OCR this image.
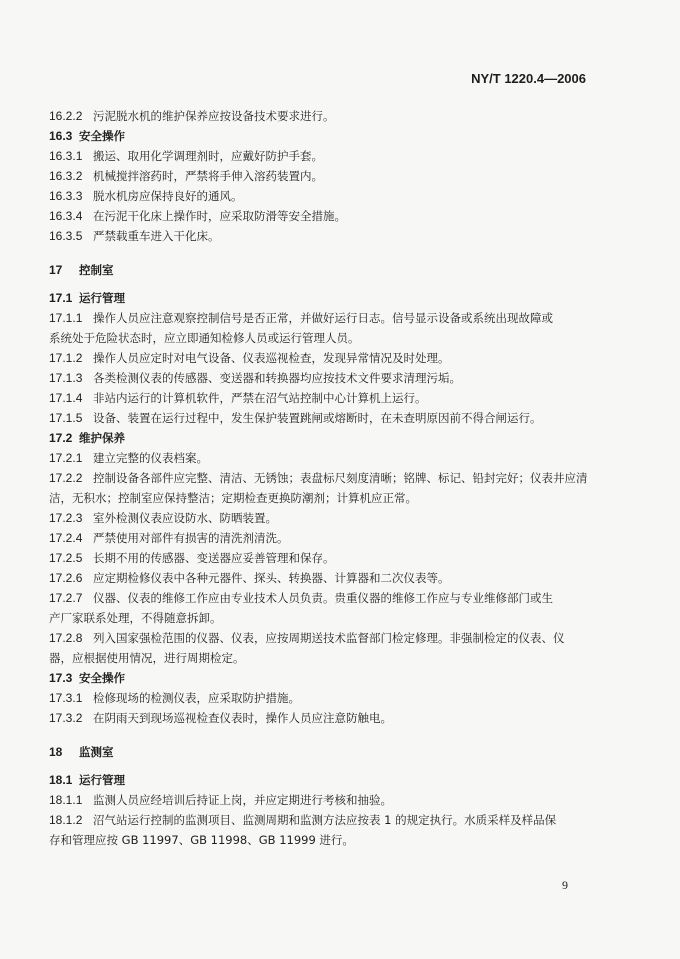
NY/T 1220.4—2006
16.2.2 污泥脱水机的维护保养应按设备技术要求进行。
16.3 安全操作
16.3.1 搬运、取用化学调理剂时，应戴好防护手套。
16.3.2 机械搅拌溶药时，严禁将手伸入溶药装置内。
16.3.3 脱水机房应保持良好的通风。
16.3.4 在污泥干化床上操作时，应采取防滑等安全措施。
16.3.5 严禁载重车进入干化床。
17 控制室
17.1 运行管理
17.1.1 操作人员应注意观察控制信号是否正常，并做好运行日志。信号显示设备或系统出现故障或
系统处于危险状态时，应立即通知检修人员或运行管理人员。
17.1.2 操作人员应定时对电气设备、仪表巡视检查，发现异常情况及时处理。
17.1.3 各类检测仪表的传感器、变送器和转换器均应按技术文件要求清理污垢。
17.1.4 非站内运行的计算机软件，严禁在沼气站控制中心计算机上运行。
17.1.5 设备、装置在运行过程中，发生保护装置跳闸或熔断时，在未查明原因前不得合闸运行。
17.2 维护保养
17.2.1 建立完整的仪表档案。
17.2.2 控制设备各部件应完整、清洁、无锈蚀；表盘标尺刻度清晰；铭牌、标记、铅封完好；仪表井应清
洁，无积水；控制室应保持整洁；定期检查更换防潮剂；计算机应正常。
17.2.3 室外检测仪表应设防水、防晒装置。
17.2.4 严禁使用对部件有损害的清洗剂清洗。
17.2.5 长期不用的传感器、变送器应妥善管理和保存。
17.2.6 应定期检修仪表中各种元器件、探头、转换器、计算器和二次仪表等。
17.2.7 仪器、仪表的维修工作应由专业技术人员负责。贵重仪器的维修工作应与专业维修部门或生
产厂家联系处理，不得随意拆卸。
17.2.8 列入国家强检范围的仪器、仪表，应按周期送技术监督部门检定修理。非强制检定的仪表、仪
器，应根据使用情况，进行周期检定。
17.3 安全操作
17.3.1 检修现场的检测仪表，应采取防护措施。
17.3.2 在阴雨天到现场巡视检查仪表时，操作人员应注意防触电。
18 监测室
18.1 运行管理
18.1.1 监测人员应经培训后持证上岗，并应定期进行考核和抽验。
18.1.2 沼气站运行控制的监测项目、监测周期和监测方法应按表 1 的规定执行。水质采样及样品保
存和管理应按 GB 11997、GB 11998、GB 11999 进行。
9
